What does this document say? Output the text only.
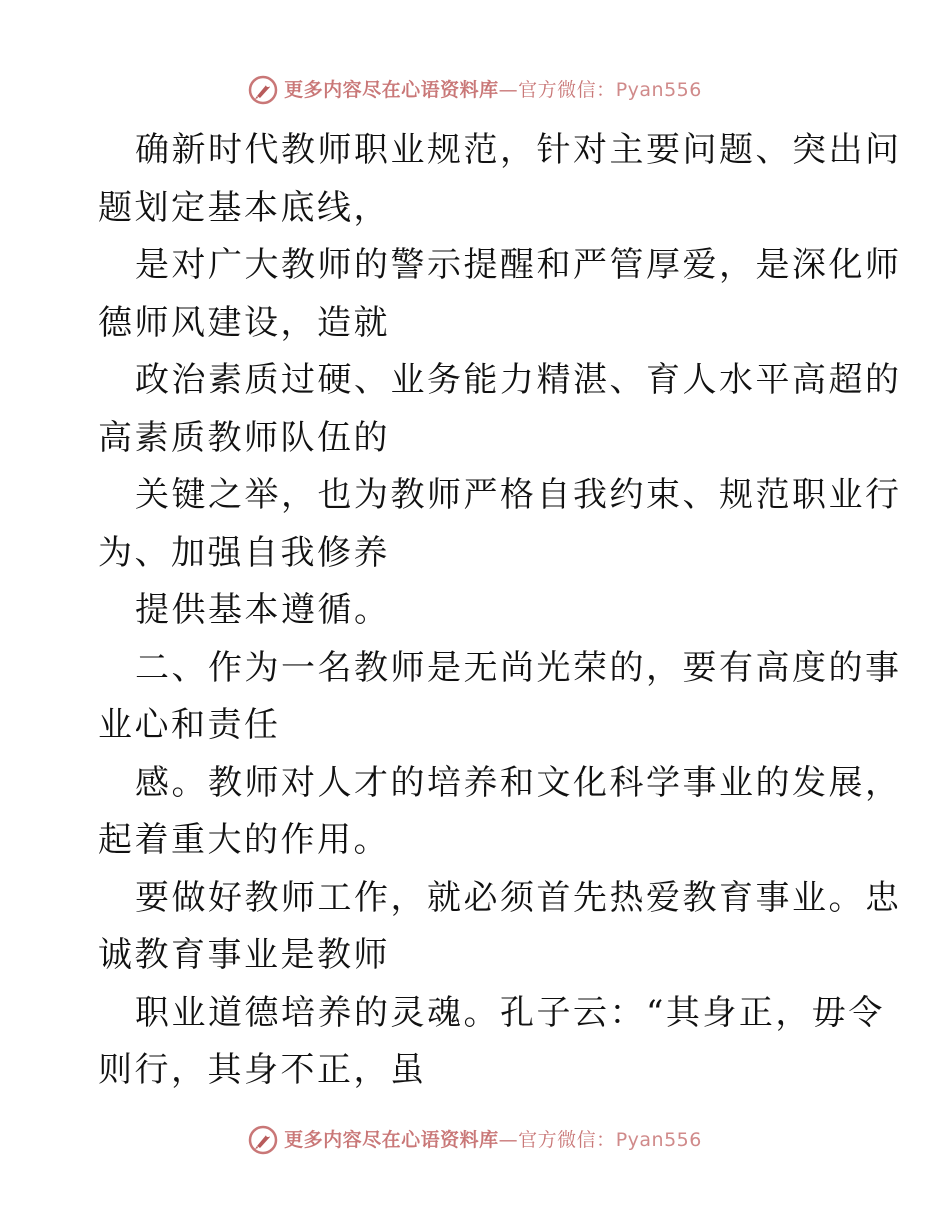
更多内容尽在心语资料库—官方微信：Pyan556
确新时代教师职业规范，针对主要问题、突出问
题划定基本底线，
是对广大教师的警示提醒和严管厚爱，是深化师
德师风建设，造就
政治素质过硬、业务能力精湛、育人水平高超的
高素质教师队伍的
关键之举，也为教师严格自我约束、规范职业行
为、加强自我修养
提供基本遵循。
二、作为一名教师是无尚光荣的，要有高度的事
业心和责任
感。教师对人才的培养和文化科学事业的发展，
起着重大的作用。
要做好教师工作，就必须首先热爱教育事业。忠
诚教育事业是教师
职业道德培养的灵魂。孔子云：“其身正，毋令
则行，其身不正，虽
更多内容尽在心语资料库—官方微信：Pyan556
